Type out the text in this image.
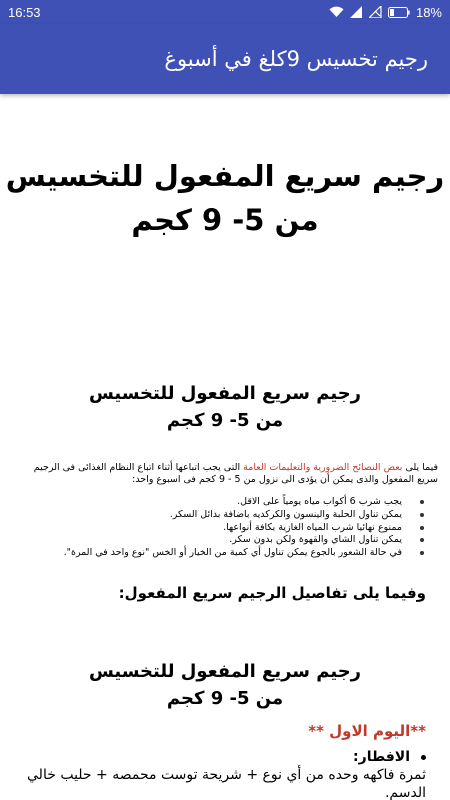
16:53	18%
رجيم تخسيس 9كلغ في أسبوغ
رجيم سريع المفعول للتخسيس
من 5- 9 كجم
رجيم سريع المفعول للتخسيس
من 5- 9 كجم

فيما يلى بعض النصائح الضرورية والتعليمات العامة التى يجب اتباعها أثناء اتباع النظام الغذائى فى الرجيم سريع المفعول والذى يمكن أن يؤدى الى نزول من 5 - 9 كجم فى اسبوع واحد:

يجب شرب 6 أكواب مياه يومياً على الاقل.
يمكن تناول الحلبة والينسون والكركديه باضافة بدائل السكر.
ممنوع نهائيا شرب المياه الغازية بكافة أنواعها.
يمكن تناول الشاي والقهوة ولكن بدون سكر.
في حالة الشعور بالجوع يمكن تناول أي كمية من الخيار أو الخس "نوع واحد في المرة".
وفيما يلى تفاصيل الرجيم سريع المفعول:
رجيم سريع المفعول للتخسيس
من 5- 9 كجم
**اليوم الاول **
الافطار:
ثمرة فاكهه وحده من أي نوع + شريحة توست محمصه + حليب خالي الدسم.
